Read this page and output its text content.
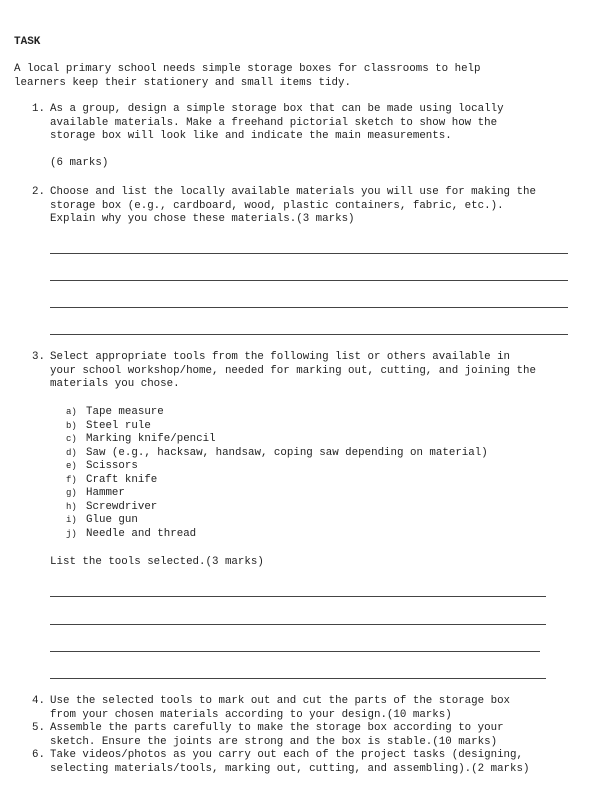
TASK
A local primary school needs simple storage boxes for classrooms to help
learners keep their stationery and small items tidy.
1. As a group, design a simple storage box that can be made using locally
available materials. Make a freehand pictorial sketch to show how the
storage box will look like and indicate the main measurements.
(6 marks)
2. Choose and list the locally available materials you will use for making the
storage box (e.g., cardboard, wood, plastic containers, fabric, etc.).
Explain why you chose these materials.(3 marks)
3. Select appropriate tools from the following list or others available in
your school workshop/home, needed for marking out, cutting, and joining the
materials you chose.
a) Tape measure
b) Steel rule
c) Marking knife/pencil
d) Saw (e.g., hacksaw, handsaw, coping saw depending on material)
e) Scissors
f) Craft knife
g) Hammer
h) Screwdriver
i) Glue gun
j) Needle and thread
List the tools selected.(3 marks)
4. Use the selected tools to mark out and cut the parts of the storage box
from your chosen materials according to your design.(10 marks)
5. Assemble the parts carefully to make the storage box according to your
sketch. Ensure the joints are strong and the box is stable.(10 marks)
6. Take videos/photos as you carry out each of the project tasks (designing,
selecting materials/tools, marking out, cutting, and assembling).(2 marks)
